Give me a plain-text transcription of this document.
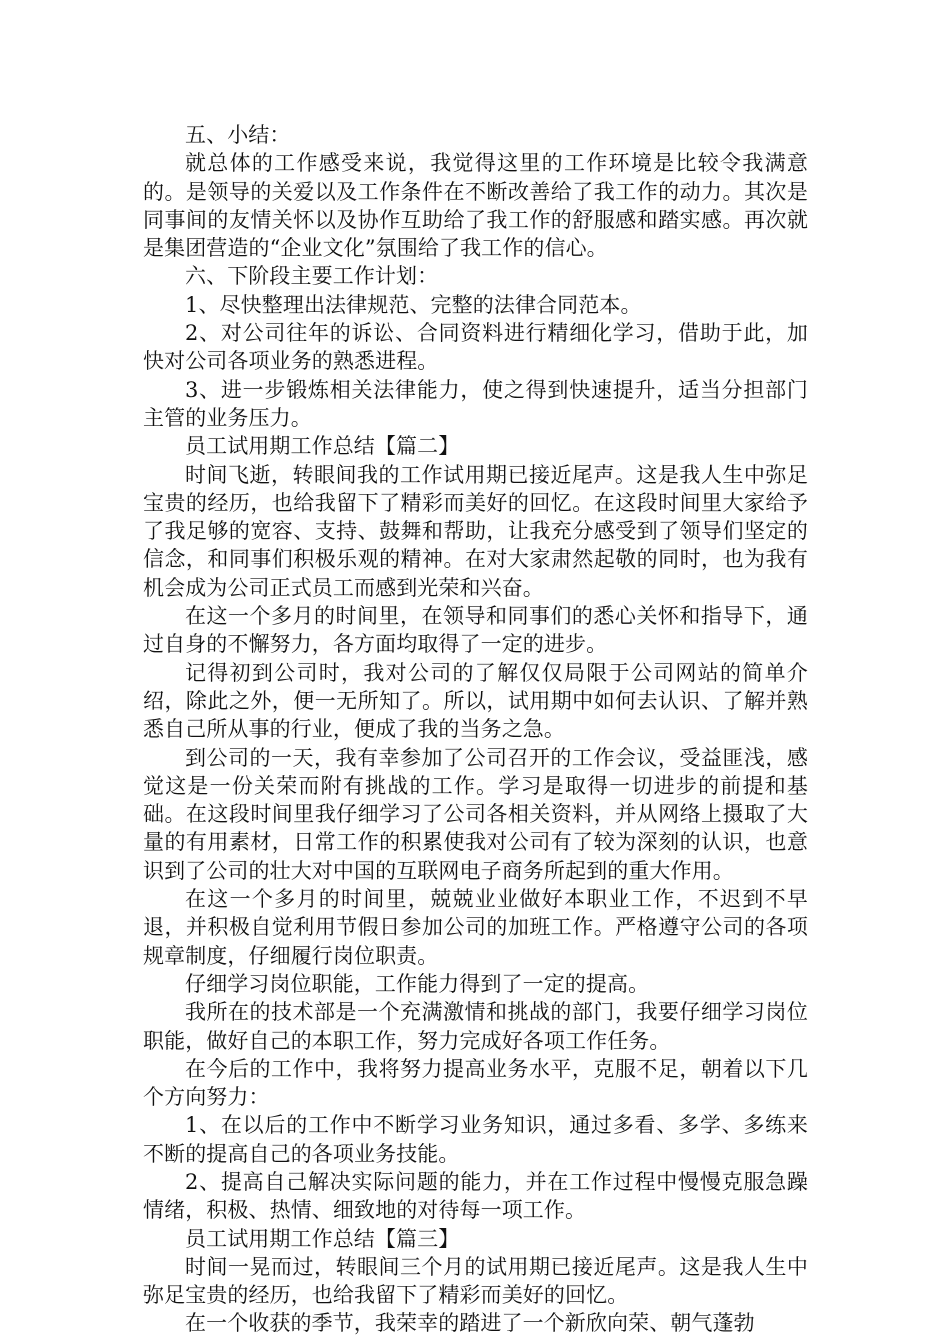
五、小结：

就总体的工作感受来说，我觉得这里的工作环境是比较令我满意的。是领导的关爱以及工作条件在不断改善给了我工作的动力。其次是同事间的友情关怀以及协作互助给了我工作的舒服感和踏实感。再次就是集团营造的“企业文化”氛围给了我工作的信心。

六、下阶段主要工作计划：

1、尽快整理出法律规范、完整的法律合同范本。

2、对公司往年的诉讼、合同资料进行精细化学习，借助于此，加快对公司各项业务的熟悉进程。

3、进一步锻炼相关法律能力，使之得到快速提升，适当分担部门主管的业务压力。

员工试用期工作总结【篇二】

时间飞逝，转眼间我的工作试用期已接近尾声。这是我人生中弥足宝贵的经历，也给我留下了精彩而美好的回忆。在这段时间里大家给予了我足够的宽容、支持、鼓舞和帮助，让我充分感受到了领导们坚定的信念，和同事们积极乐观的精神。在对大家肃然起敬的同时，也为我有机会成为公司正式员工而感到光荣和兴奋。

在这一个多月的时间里，在领导和同事们的悉心关怀和指导下，通过自身的不懈努力，各方面均取得了一定的进步。

记得初到公司时，我对公司的了解仅仅局限于公司网站的简单介绍，除此之外，便一无所知了。所以，试用期中如何去认识、了解并熟悉自己所从事的行业，便成了我的当务之急。

到公司的一天，我有幸参加了公司召开的工作会议，受益匪浅，感觉这是一份关荣而附有挑战的工作。学习是取得一切进步的前提和基础。在这段时间里我仔细学习了公司各相关资料，并从网络上摄取了大量的有用素材，日常工作的积累使我对公司有了较为深刻的认识，也意识到了公司的壮大对中国的互联网电子商务所起到的重大作用。

在这一个多月的时间里，兢兢业业做好本职业工作，不迟到不早退，并积极自觉利用节假日参加公司的加班工作。严格遵守公司的各项规章制度，仔细履行岗位职责。

仔细学习岗位职能，工作能力得到了一定的提高。

我所在的技术部是一个充满激情和挑战的部门，我要仔细学习岗位职能，做好自己的本职工作，努力完成好各项工作任务。

在今后的工作中，我将努力提高业务水平，克服不足，朝着以下几个方向努力：

1、在以后的工作中不断学习业务知识，通过多看、多学、多练来不断的提高自己的各项业务技能。

2、提高自己解决实际问题的能力，并在工作过程中慢慢克服急躁情绪，积极、热情、细致地的对待每一项工作。

员工试用期工作总结【篇三】

时间一晃而过，转眼间三个月的试用期已接近尾声。这是我人生中弥足宝贵的经历，也给我留下了精彩而美好的回忆。

在一个收获的季节，我荣幸的踏进了一个新欣向荣、朝气蓬勃
